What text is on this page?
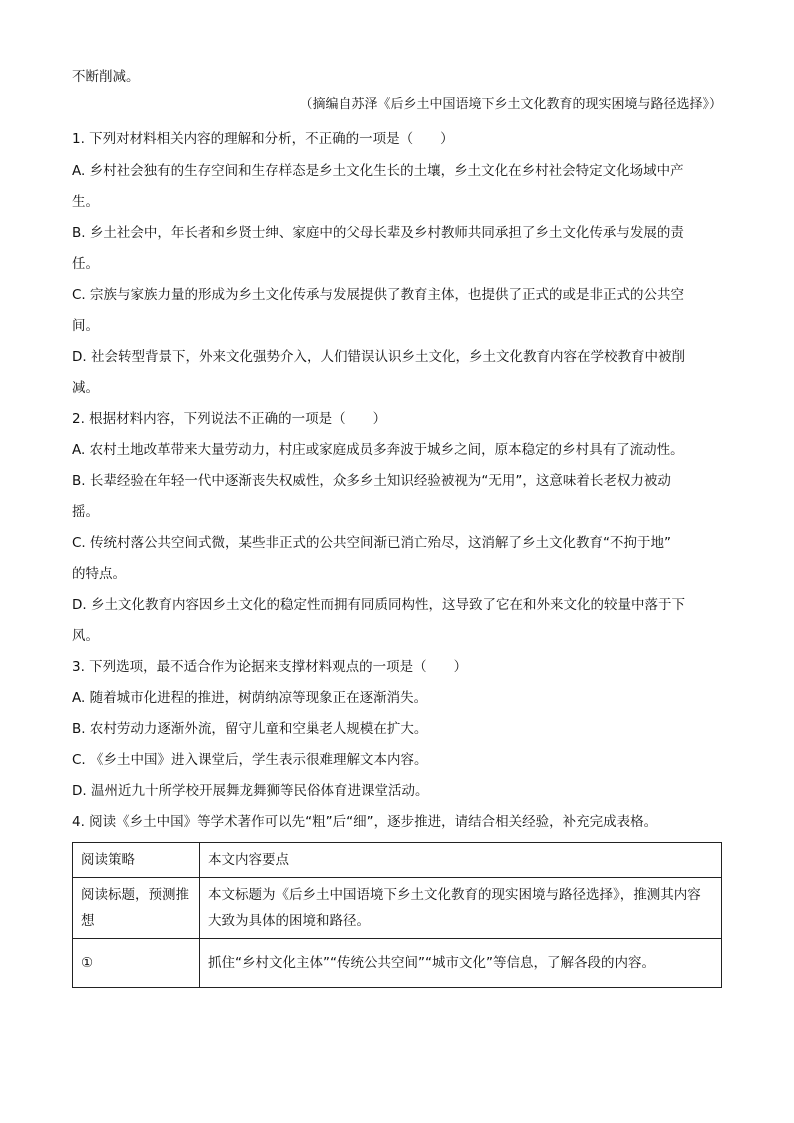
不断削减。
（摘编自苏泽《后乡土中国语境下乡土文化教育的现实困境与路径选择》）
1. 下列对材料相关内容的理解和分析，不正确的一项是（　　）
A. 乡村社会独有的生存空间和生存样态是乡土文化生长的土壤，乡土文化在乡村社会特定文化场域中产
生。
B. 乡土社会中，年长者和乡贤士绅、家庭中的父母长辈及乡村教师共同承担了乡土文化传承与发展的责
任。
C. 宗族与家族力量的形成为乡土文化传承与发展提供了教育主体，也提供了正式的或是非正式的公共空
间。
D. 社会转型背景下，外来文化强势介入，人们错误认识乡土文化，乡土文化教育内容在学校教育中被削
减。
2. 根据材料内容，下列说法不正确的一项是（　　）
A. 农村土地改革带来大量劳动力，村庄或家庭成员多奔波于城乡之间，原本稳定的乡村具有了流动性。
B. 长辈经验在年轻一代中逐渐丧失权威性，众多乡土知识经验被视为“无用”，这意味着长老权力被动
摇。
C. 传统村落公共空间式微，某些非正式的公共空间渐已消亡殆尽，这消解了乡土文化教育“不拘于地”
的特点。
D. 乡土文化教育内容因乡土文化的稳定性而拥有同质同构性，这导致了它在和外来文化的较量中落于下
风。
3. 下列选项，最不适合作为论据来支撑材料观点的一项是（　　）
A. 随着城市化进程的推进，树荫纳凉等现象正在逐渐消失。
B. 农村劳动力逐渐外流，留守儿童和空巢老人规模在扩大。
C. 《乡土中国》进入课堂后，学生表示很难理解文本内容。
D. 温州近九十所学校开展舞龙舞狮等民俗体育进课堂活动。
4. 阅读《乡土中国》等学术著作可以先“粗”后“细”，逐步推进，请结合相关经验，补充完成表格。
阅读策略	本文内容要点
阅读标题，预测推想	本文标题为《后乡土中国语境下乡土文化教育的现实困境与路径选择》，推测其内容大致为具体的困境和路径。
①	抓住“乡村文化主体”“传统公共空间”“城市文化”等信息，了解各段的内容。
